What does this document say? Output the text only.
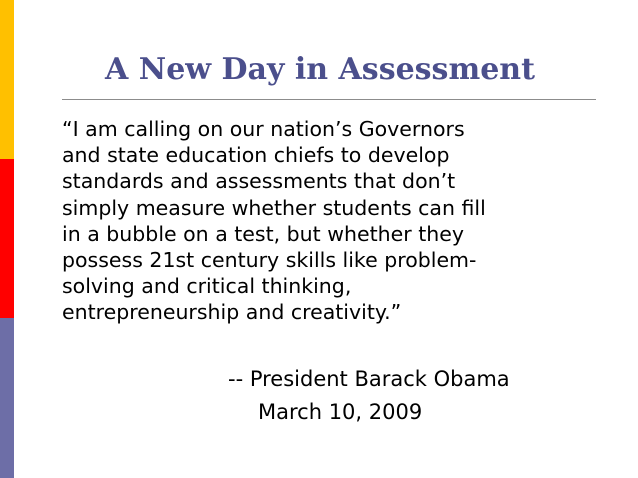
A New Day in Assessment

“I am calling on our nation’s Governors
and state education chiefs to develop
standards and assessments that don’t
simply measure whether students can fill
in a bubble on a test, but whether they
possess 21st century skills like problem-
solving and critical thinking,
entrepreneurship and creativity.”

-- President Barack Obama
March 10, 2009
